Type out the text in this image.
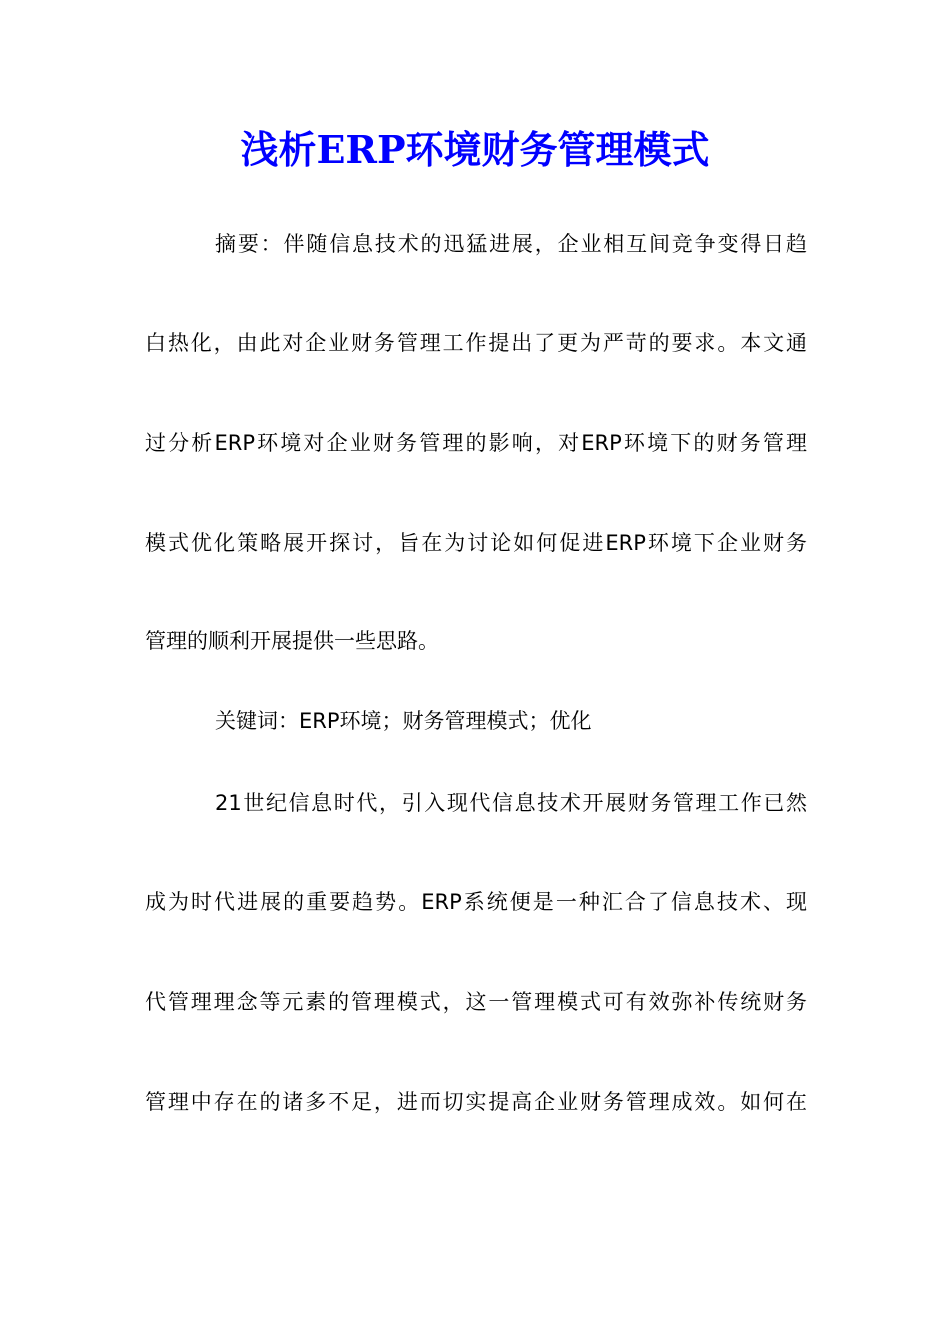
浅析ERP环境财务管理模式

摘要：伴随信息技术的迅猛进展，企业相互间竞争变得日趋

白热化，由此对企业财务管理工作提出了更为严苛的要求。本文通

过分析ERP环境对企业财务管理的影响，对ERP环境下的财务管理

模式优化策略展开探讨，旨在为讨论如何促进ERP环境下企业财务

管理的顺利开展提供一些思路。

关键词：ERP环境；财务管理模式；优化

21世纪信息时代，引入现代信息技术开展财务管理工作已然

成为时代进展的重要趋势。ERP系统便是一种汇合了信息技术、现

代管理理念等元素的管理模式，这一管理模式可有效弥补传统财务

管理中存在的诸多不足，进而切实提高企业财务管理成效。如何在
